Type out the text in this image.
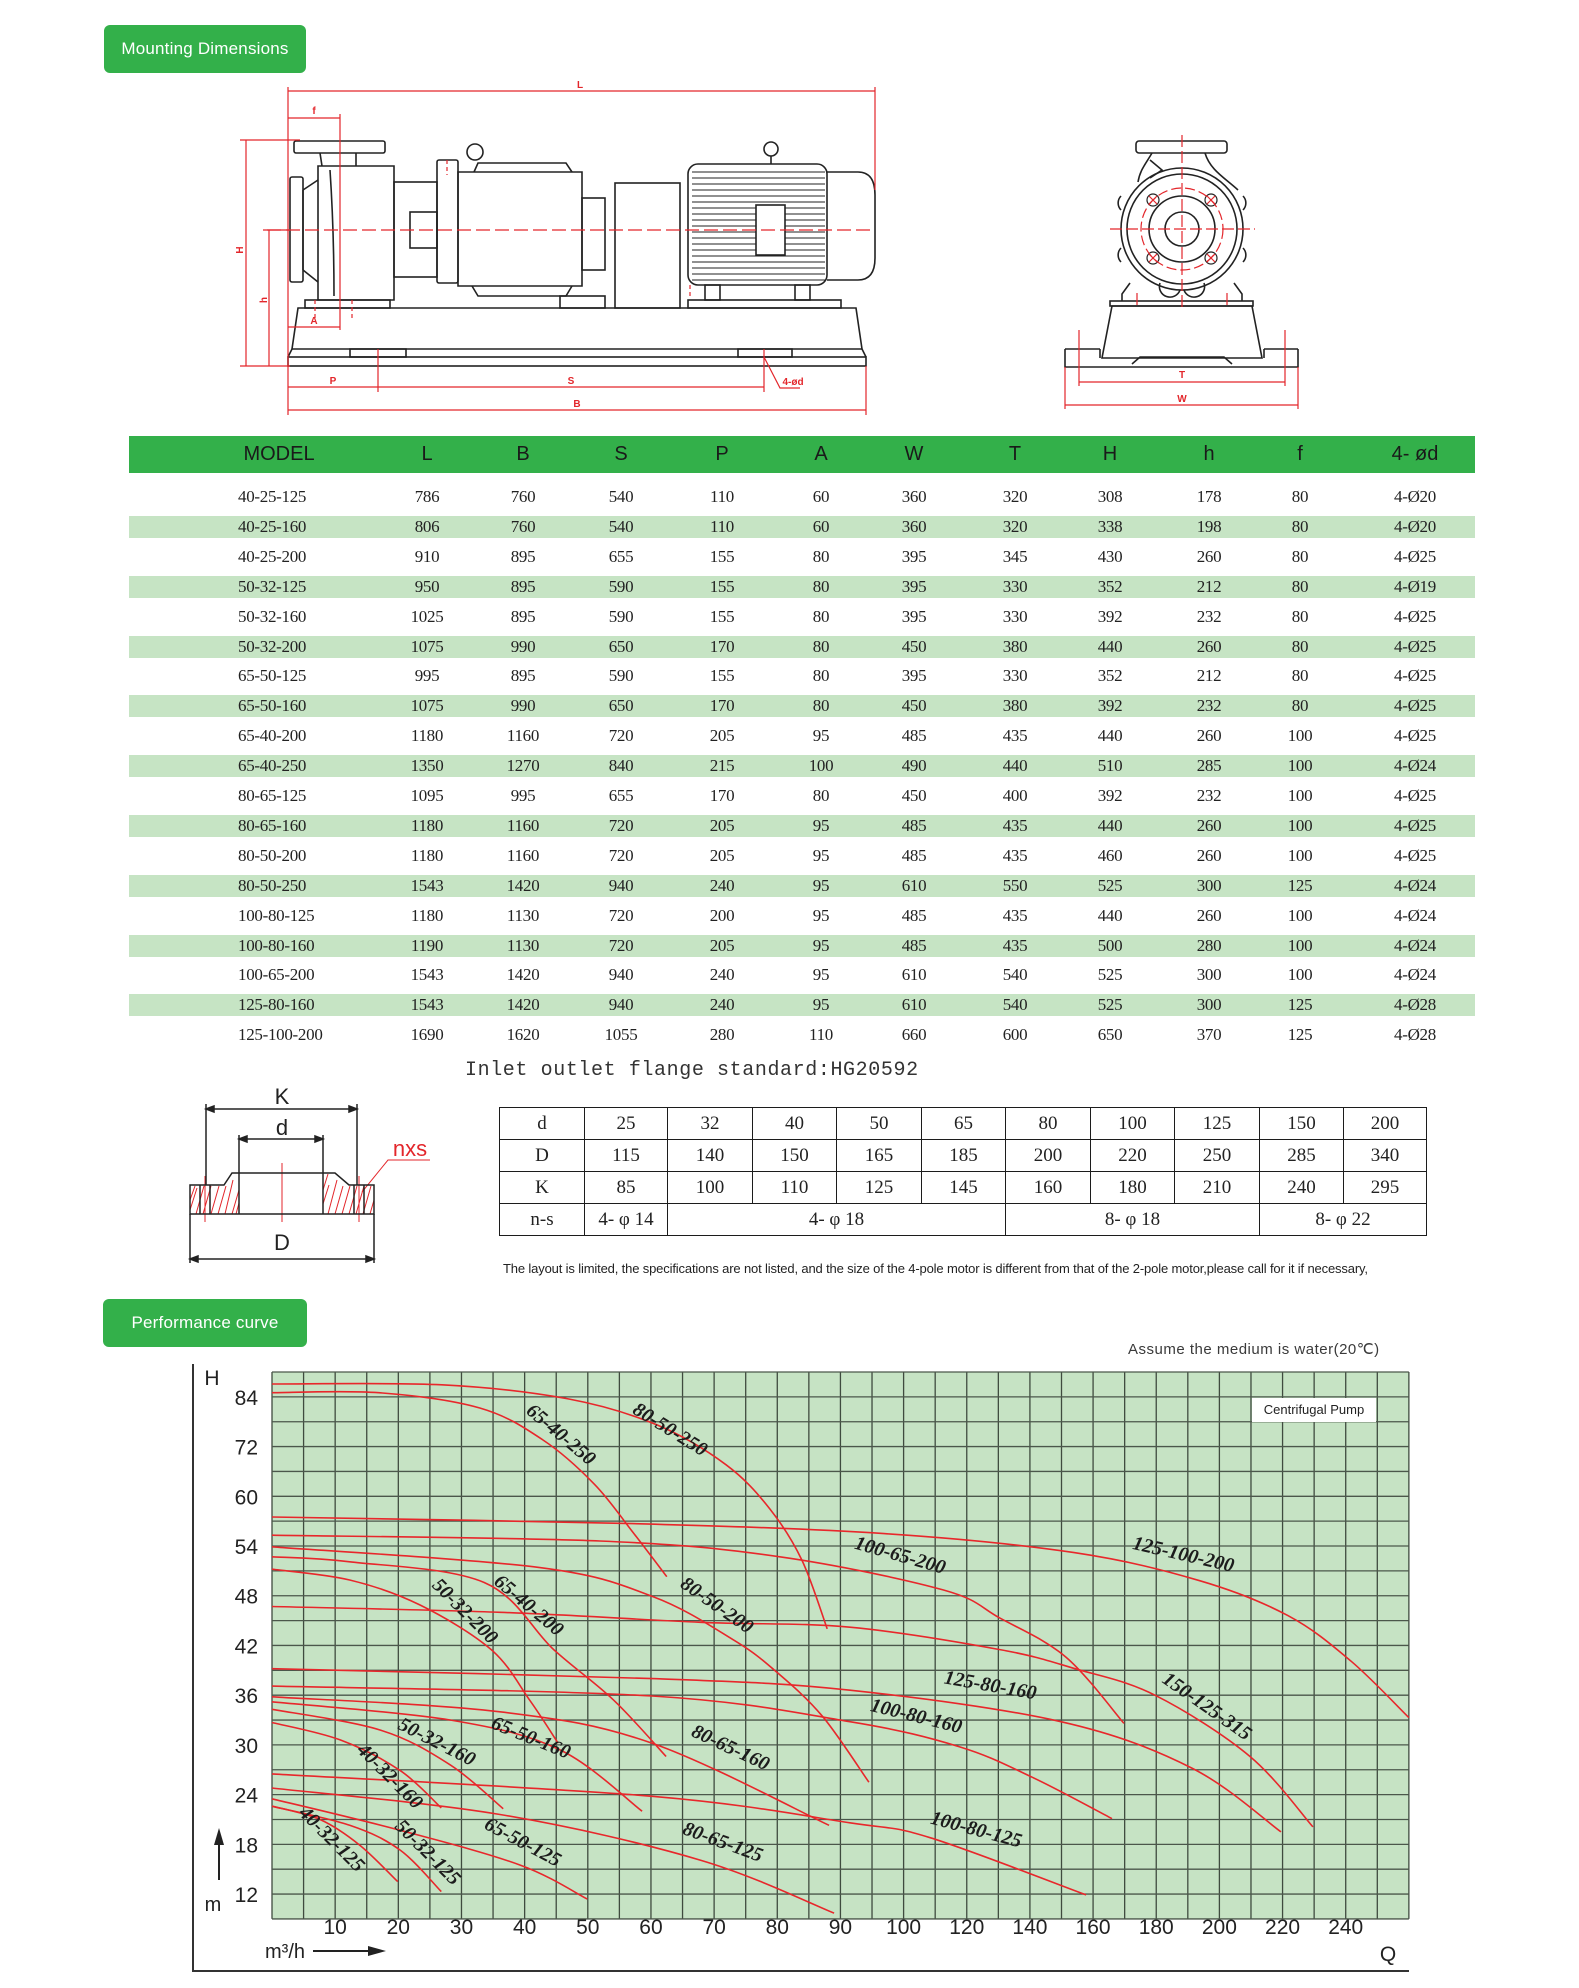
Mounting Dimensions
Performance curve
L
f
H
h
A
P	S	4-ød
B
T
W
K
d
D
nxs
80-50-250
65-40-250
125-100-200
100-65-200
80-50-200
65-40-200
50-32-200
150-125-315
125-80-160
100-80-160
80-65-160
65-50-160
50-32-160
40-32-160
100-80-125
80-65-125
65-50-125
50-32-125
40-32-125
84
72
60
54
48
42
36
30
24
18
12
10 20 30 40 50 60 70 80 90 100 120 140 160 180 200 220 240
H
m
m³/h	Q
MODEL	L	B	S	P	A	W	T	H	h	f	4- ød
40-25-125	786	760	540	110	60	360	320	308	178	80	4-Ø20
40-25-160	806	760	540	110	60	360	320	338	198	80	4-Ø20
40-25-200	910	895	655	155	80	395	345	430	260	80	4-Ø25
50-32-125	950	895	590	155	80	395	330	352	212	80	4-Ø19
50-32-160	1025	895	590	155	80	395	330	392	232	80	4-Ø25
50-32-200	1075	990	650	170	80	450	380	440	260	80	4-Ø25
65-50-125	995	895	590	155	80	395	330	352	212	80	4-Ø25
65-50-160	1075	990	650	170	80	450	380	392	232	80	4-Ø25
65-40-200	1180	1160	720	205	95	485	435	440	260	100	4-Ø25
65-40-250	1350	1270	840	215	100	490	440	510	285	100	4-Ø24
80-65-125	1095	995	655	170	80	450	400	392	232	100	4-Ø25
80-65-160	1180	1160	720	205	95	485	435	440	260	100	4-Ø25
80-50-200	1180	1160	720	205	95	485	435	460	260	100	4-Ø25
80-50-250	1543	1420	940	240	95	610	550	525	300	125	4-Ø24
100-80-125	1180	1130	720	200	95	485	435	440	260	100	4-Ø24
100-80-160	1190	1130	720	205	95	485	435	500	280	100	4-Ø24
100-65-200	1543	1420	940	240	95	610	540	525	300	100	4-Ø24
125-80-160	1543	1420	940	240	95	610	540	525	300	125	4-Ø28
125-100-200	1690	1620	1055	280	110	660	600	650	370	125	4-Ø28
Inlet outlet flange standard:HG20592
d	25	32	40	50	65	80	100	125	150	200
D	115	140	150	165	185	200	220	250	285	340
K	85	100	110	125	145	160	180	210	240	295
n-s	4- φ 14	4- φ 18				8- φ 18			8- φ 22	
The layout is limited, the specifications are not listed, and the size of the 4-pole motor is different from that of the 2-pole motor,please call for it if necessary,
Assume the medium is water(20℃)
Centrifugal Pump
